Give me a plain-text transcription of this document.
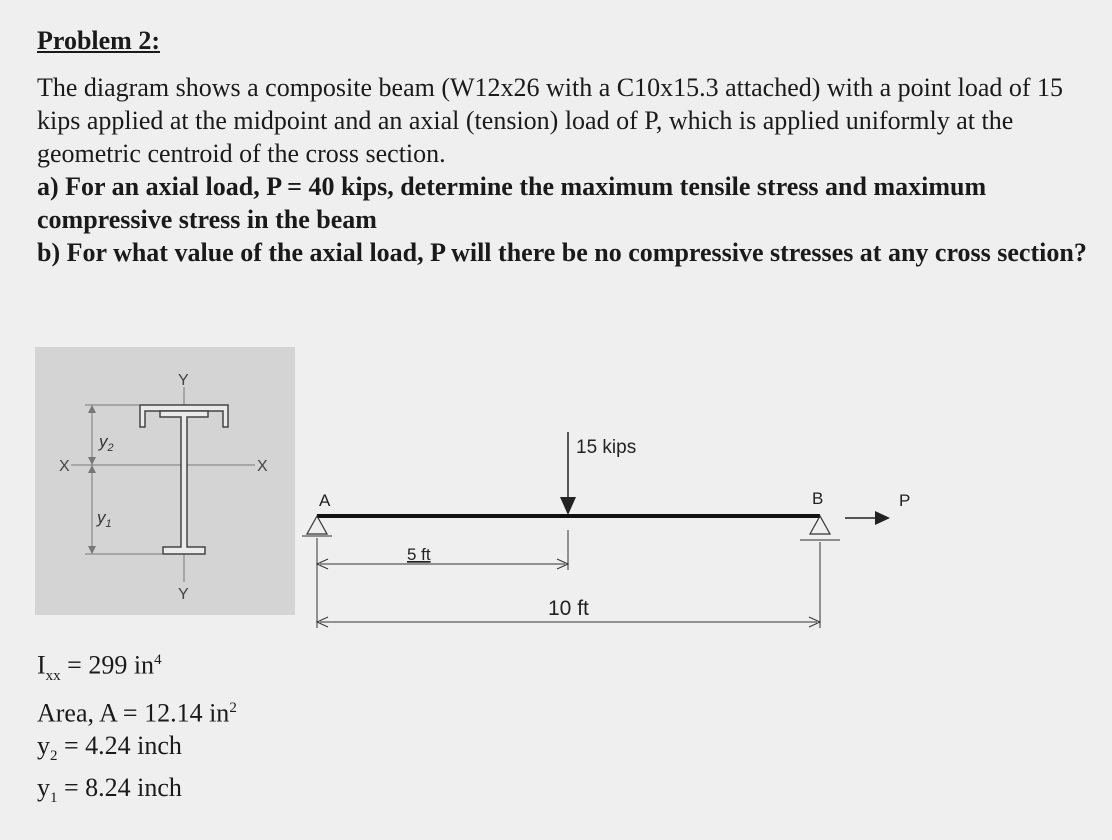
Problem 2:

The diagram shows a composite beam (W12x26 with a C10x15.3 attached) with a point load of 15 kips applied at the midpoint and an axial (tension) load of P, which is applied uniformly at the geometric centroid of the cross section.

a) For an axial load, P = 40 kips, determine the maximum tensile stress and maximum compressive stress in the beam

b) For what value of the axial load, P will there be no compressive stresses at any cross section?

Y
Y
X	X
$y_2$
$y_1$
$I_{xx} = 299$ $in^4$
Area, A = 12.14 $in^2$
$y_2 = 4.24$ inch
$y_1 = 8.24$ inch
15 kips
A	B	P
5 ft
10 ft
